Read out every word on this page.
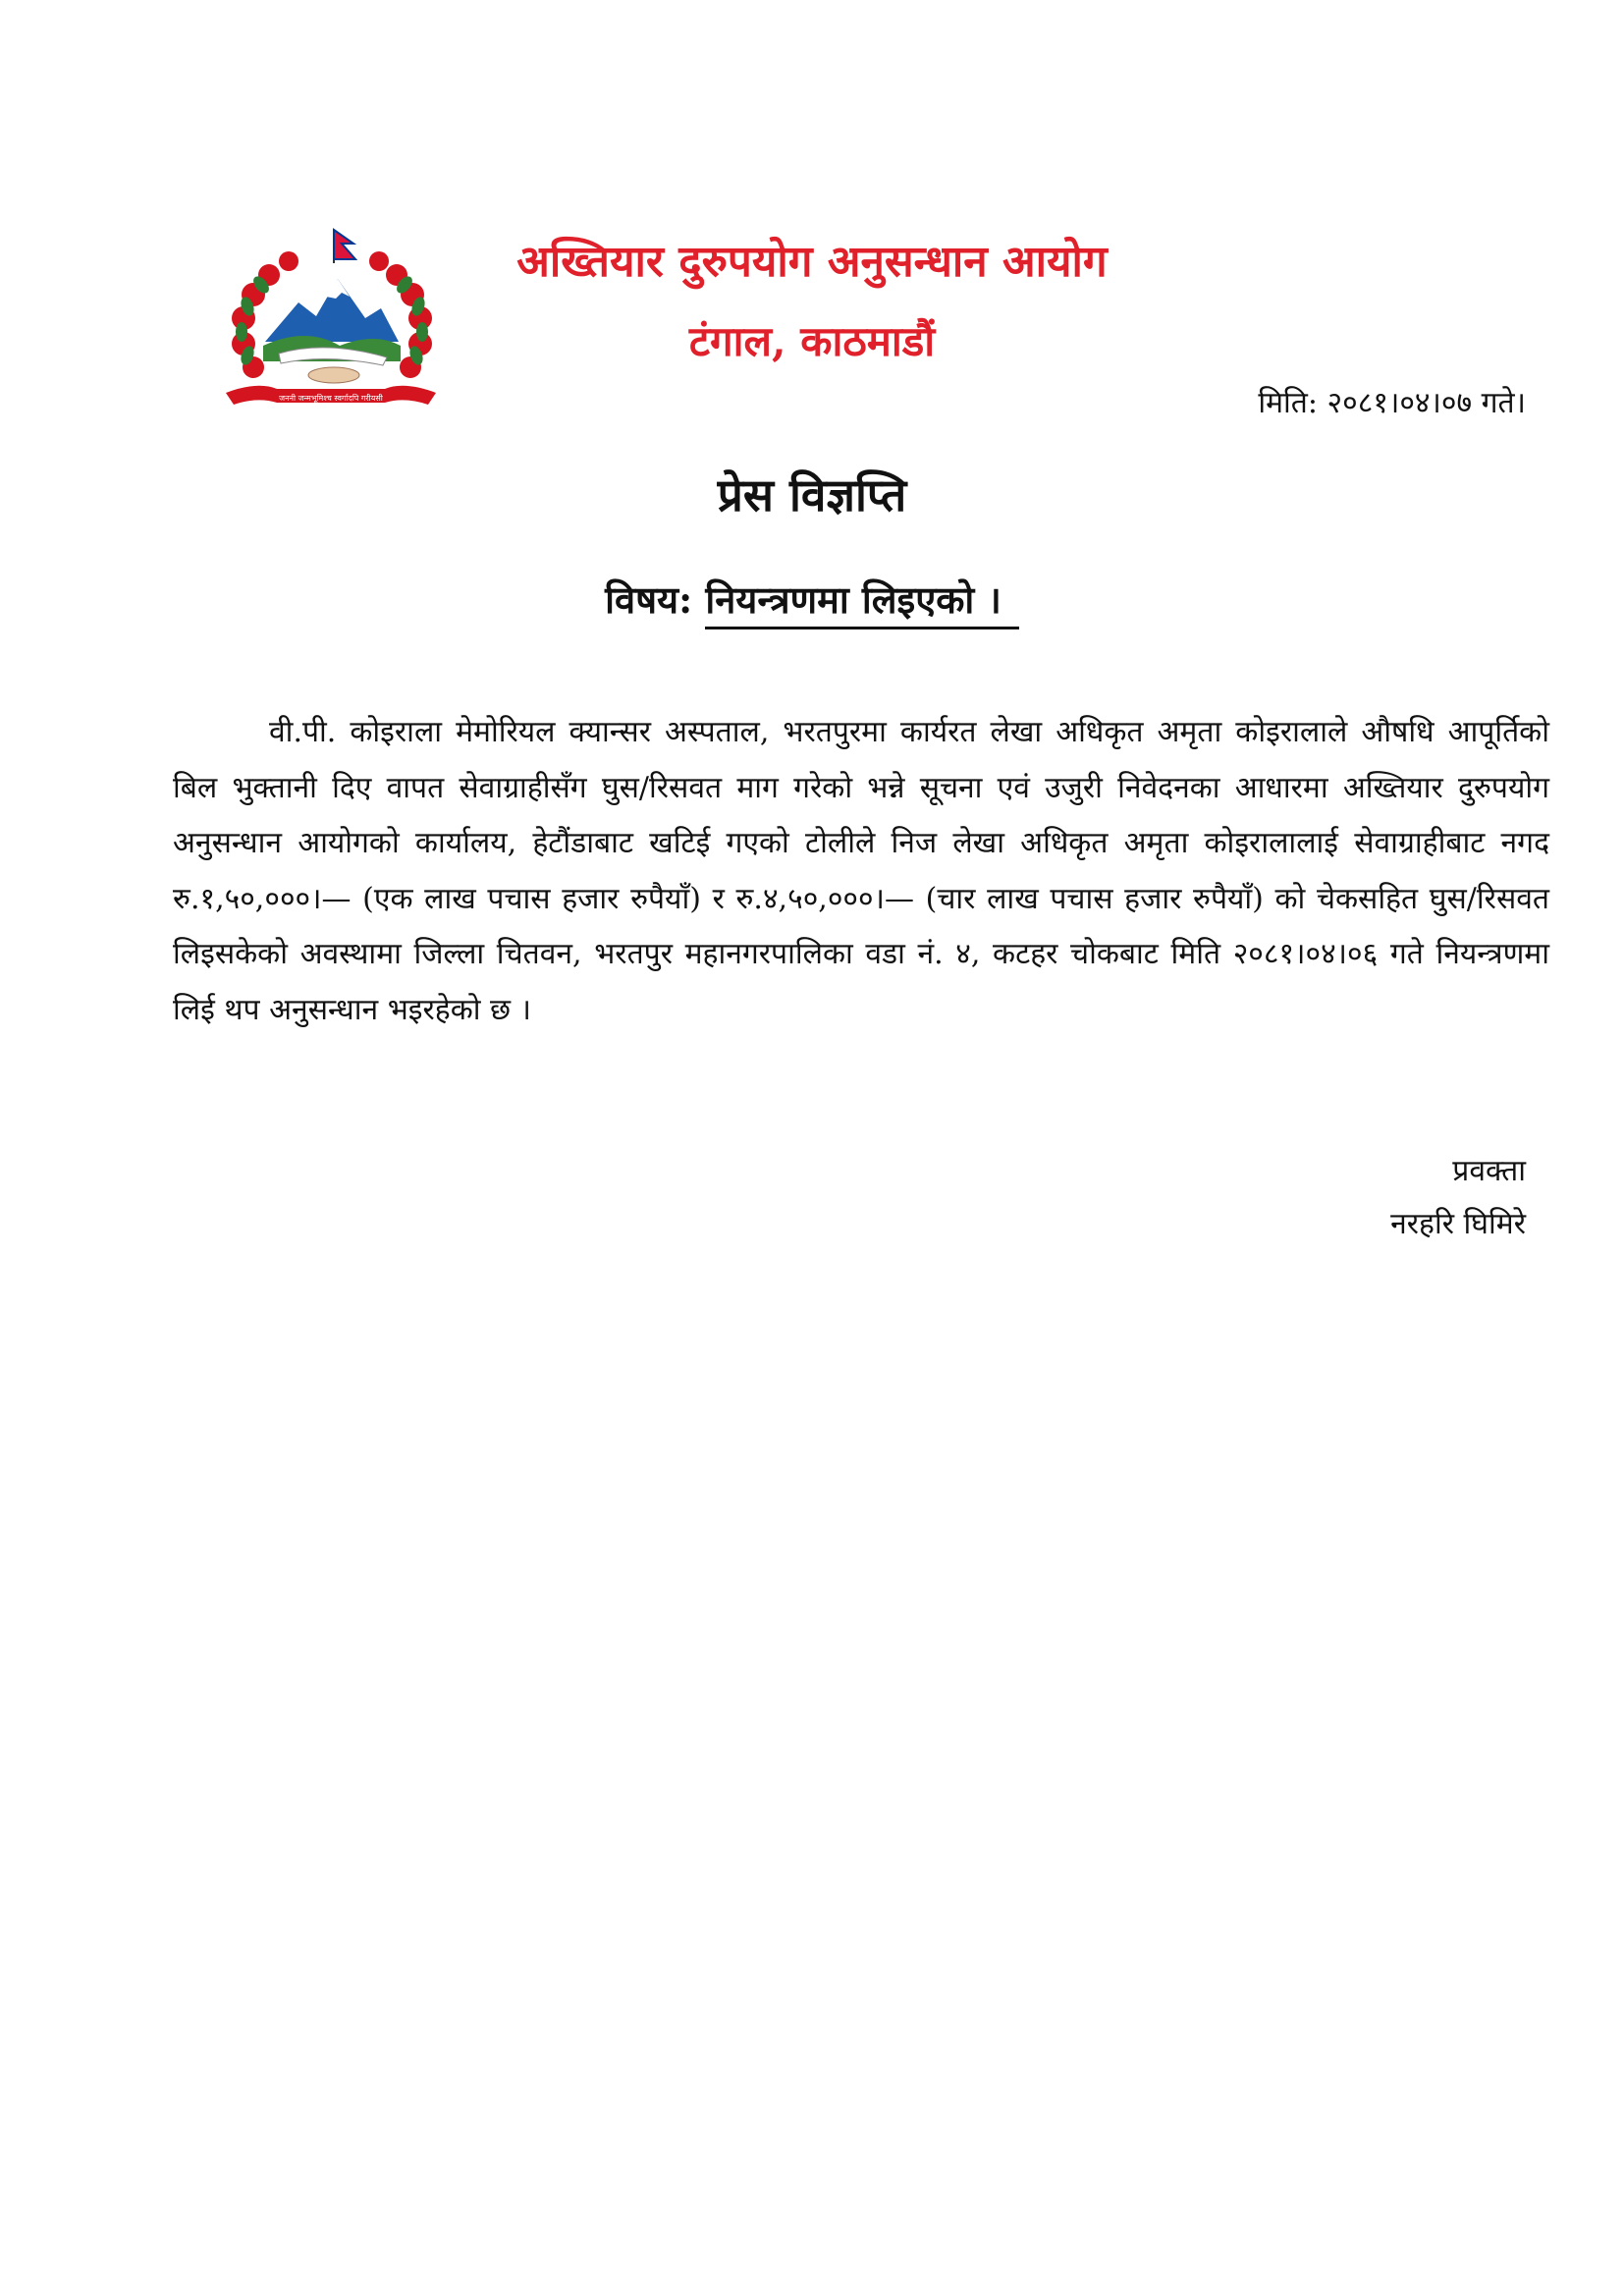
जननी जन्मभूमिश्च स्वर्गादपि गरीयसी
अख्तियार दुरुपयोग अनुसन्धान आयोग
टंगाल, काठमाडौं
मिति: २०८१।०४।०७ गते।
प्रेस विज्ञप्ति
विषय: नियन्त्रणमा लिइएको ।

वी.पी. कोइराला मेमोरियल क्यान्सर अस्पताल, भरतपुरमा कार्यरत लेखा अधिकृत अमृता कोइरालाले औषधि आपूर्तिको बिल भुक्तानी दिए वापत सेवाग्राहीसँग घुस/रिसवत माग गरेको भन्ने सूचना एवं उजुरी निवेदनका आधारमा अख्तियार दुरुपयोग अनुसन्धान आयोगको कार्यालय, हेटौंडाबाट खटिई गएको टोलीले निज लेखा अधिकृत अमृता कोइरालालाई सेवाग्राहीबाट नगद रु.१,५०,०००।— (एक लाख पचास हजार रुपैयाँ) र रु.४,५०,०००।— (चार लाख पचास हजार रुपैयाँ) को चेकसहित घुस/रिसवत लिइसकेको अवस्थामा जिल्ला चितवन, भरतपुर महानगरपालिका वडा नं. ४, कटहर चोकबाट मिति २०८१।०४।०६ गते नियन्त्रणमा लिई थप अनुसन्धान भइरहेको छ ।

प्रवक्ता
नरहरि घिमिरे
